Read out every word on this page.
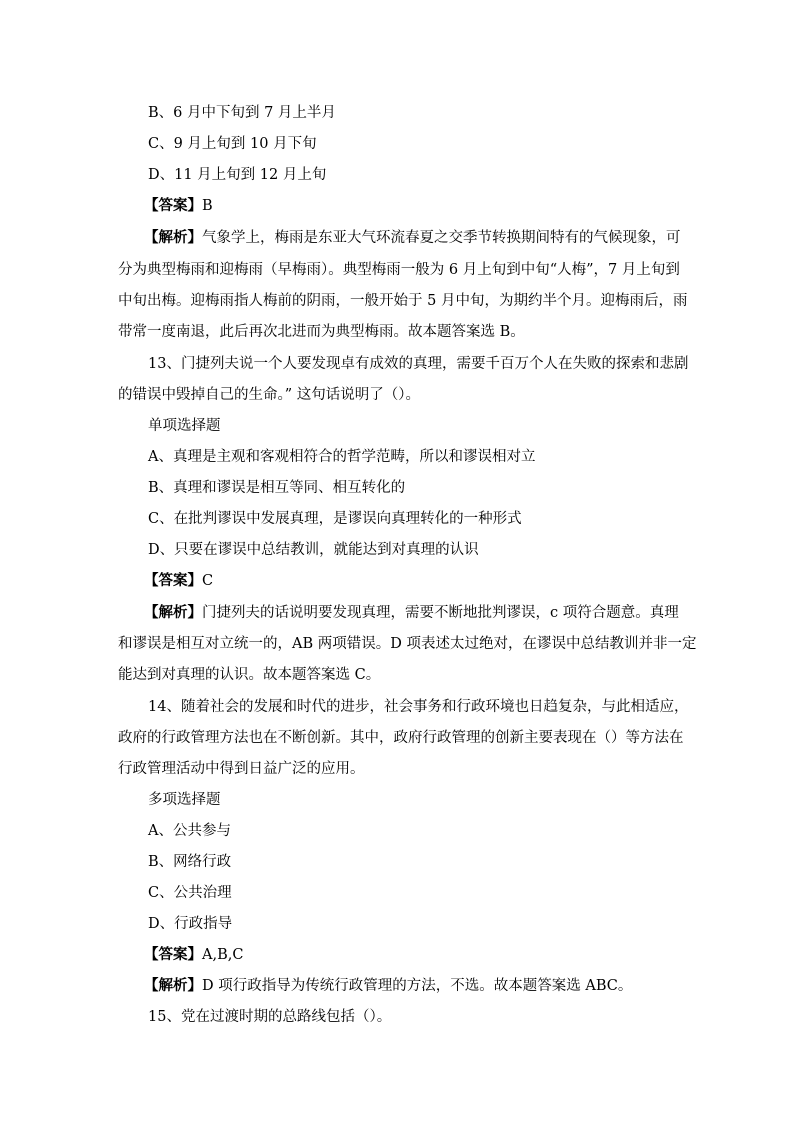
B、6 月中下旬到 7 月上半月
C、9 月上旬到 10 月下旬
D、11 月上旬到 12 月上旬
【答案】B
【解析】气象学上，梅雨是东亚大气环流春夏之交季节转换期间特有的气候现象，可
分为典型梅雨和迎梅雨（早梅雨）。典型梅雨一般为 6 月上旬到中旬“人梅”，7 月上旬到
中旬出梅。迎梅雨指人梅前的阴雨，一般开始于 5 月中旬，为期约半个月。迎梅雨后，雨
带常一度南退，此后再次北进而为典型梅雨。故本题答案选 B。
13、门捷列夫说一个人要发现卓有成效的真理，需要千百万个人在失败的探索和悲剧
的错误中毁掉自己的生命。” 这句话说明了（）。
单项选择题
A、真理是主观和客观相符合的哲学范畴，所以和谬误相对立
B、真理和谬误是相互等同、相互转化的
C、在批判谬误中发展真理，是谬误向真理转化的一种形式
D、只要在谬误中总结教训，就能达到对真理的认识
【答案】C
【解析】门捷列夫的话说明要发现真理，需要不断地批判谬误，c 项符合题意。真理
和谬误是相互对立统一的，AB 两项错误。D 项表述太过绝对，在谬误中总结教训并非一定
能达到对真理的认识。故本题答案选 C。
14、随着社会的发展和时代的进步，社会事务和行政环境也日趋复杂，与此相适应，
政府的行政管理方法也在不断创新。其中，政府行政管理的创新主要表现在（）等方法在
行政管理活动中得到日益广泛的应用。
多项选择题
A、公共参与
B、网络行政
C、公共治理
D、行政指导
【答案】A,B,C
【解析】D 项行政指导为传统行政管理的方法，不选。故本题答案选 ABC。
15、党在过渡时期的总路线包括（）。
